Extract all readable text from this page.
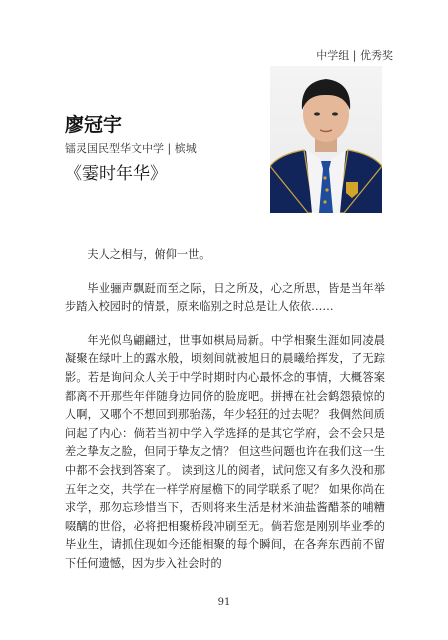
中学组 | 优秀奖
廖冠宇
镭灵国民型华文中学 | 槟城
《霎时年华》

夫人之相与，俯仰一世。

毕业骊声飘跹而至之际，日之所及，心之所思，皆是当年举步踏入校园时的情景，原来临别之时总是让人依依……

年光似鸟翩翩过，世事如棋局局新。中学相聚生涯如同凌晨凝聚在绿叶上的露水般，顷刻间就被旭日的晨曦给挥发，了无踪影。若是询问众人关于中学时期时内心最怀念的事情，大概答案都离不开那些年伴随身边同侪的脸庞吧。拼搏在社会鹤怨猿惊的人啊，又哪个不想回到那骀荡，年少轻狂的过去呢？ 我倜然间质问起了内心：倘若当初中学入学选择的是其它学府，会不会只是差之挚友之脸，但同于挚友之情？ 但这些问题也许在我们这一生中都不会找到答案了。 读到这儿的阅者，试问您又有多久没和那五年之交，共学在一样学府屋檐下的同学联系了呢？ 如果你尚在求学，那勿忘珍惜当下，否则将来生活是材米油盐酱醋茶的哺糟啜醨的世俗，必将把相聚桥段冲刷至无。倘若您是刚别毕业季的毕业生，请抓住现如今还能相聚的每个瞬间，在各奔东西前不留下任何遗憾，因为步入社会时的

91
